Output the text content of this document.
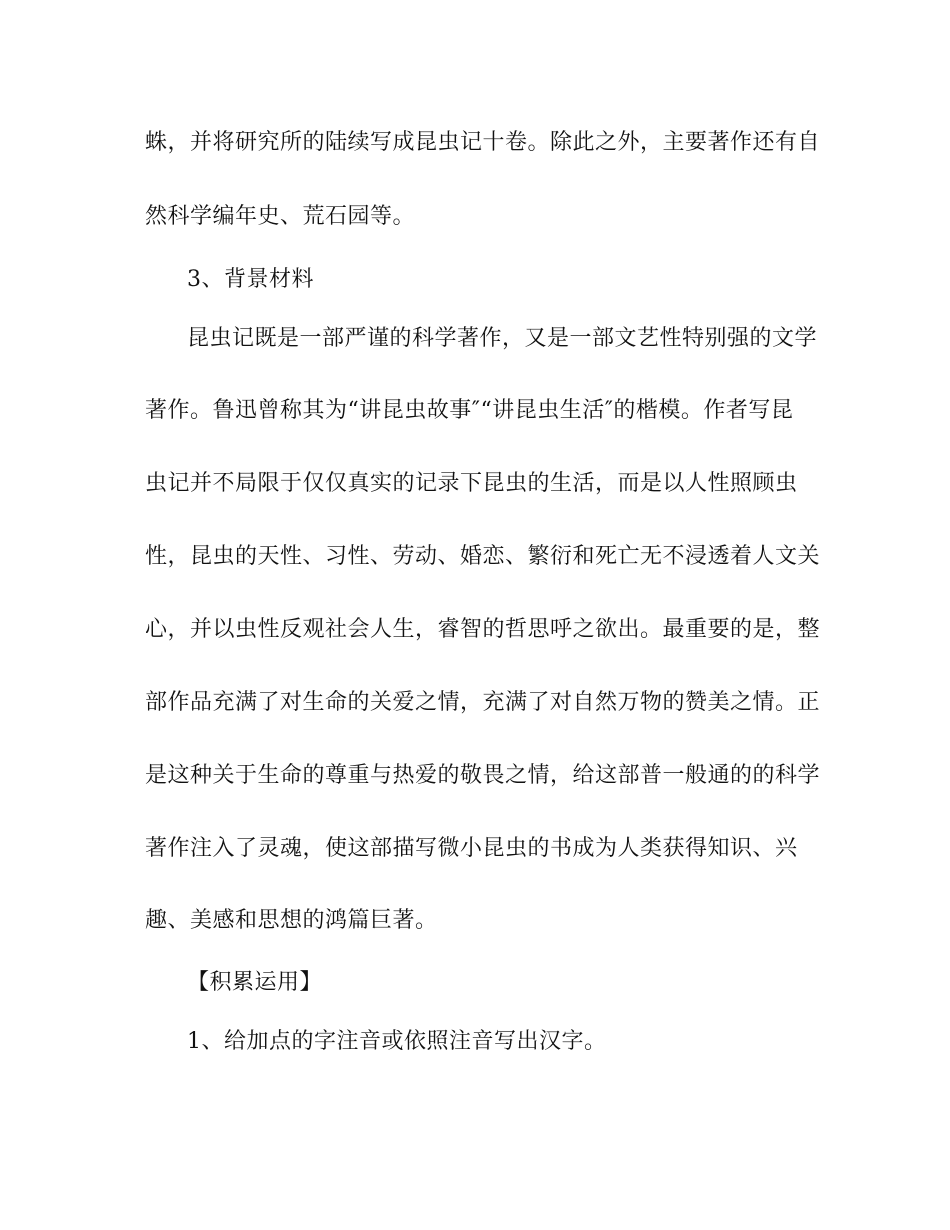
蛛，并将研究所的陆续写成昆虫记十卷。除此之外，主要著作还有自
然科学编年史、荒石园等。
3、背景材料
昆虫记既是一部严谨的科学著作，又是一部文艺性特别强的文学
著作。鲁迅曾称其为“讲昆虫故事″“讲昆虫生活″的楷模。作者写昆
虫记并不局限于仅仅真实的记录下昆虫的生活，而是以人性照顾虫
性，昆虫的天性、习性、劳动、婚恋、繁衍和死亡无不浸透着人文关
心，并以虫性反观社会人生，睿智的哲思呼之欲出。最重要的是，整
部作品充满了对生命的关爱之情，充满了对自然万物的赞美之情。正
是这种关于生命的尊重与热爱的敬畏之情，给这部普一般通的的科学
著作注入了灵魂，使这部描写微小昆虫的书成为人类获得知识、兴
趣、美感和思想的鸿篇巨著。
【积累运用】
1、给加点的字注音或依照注音写出汉字。
